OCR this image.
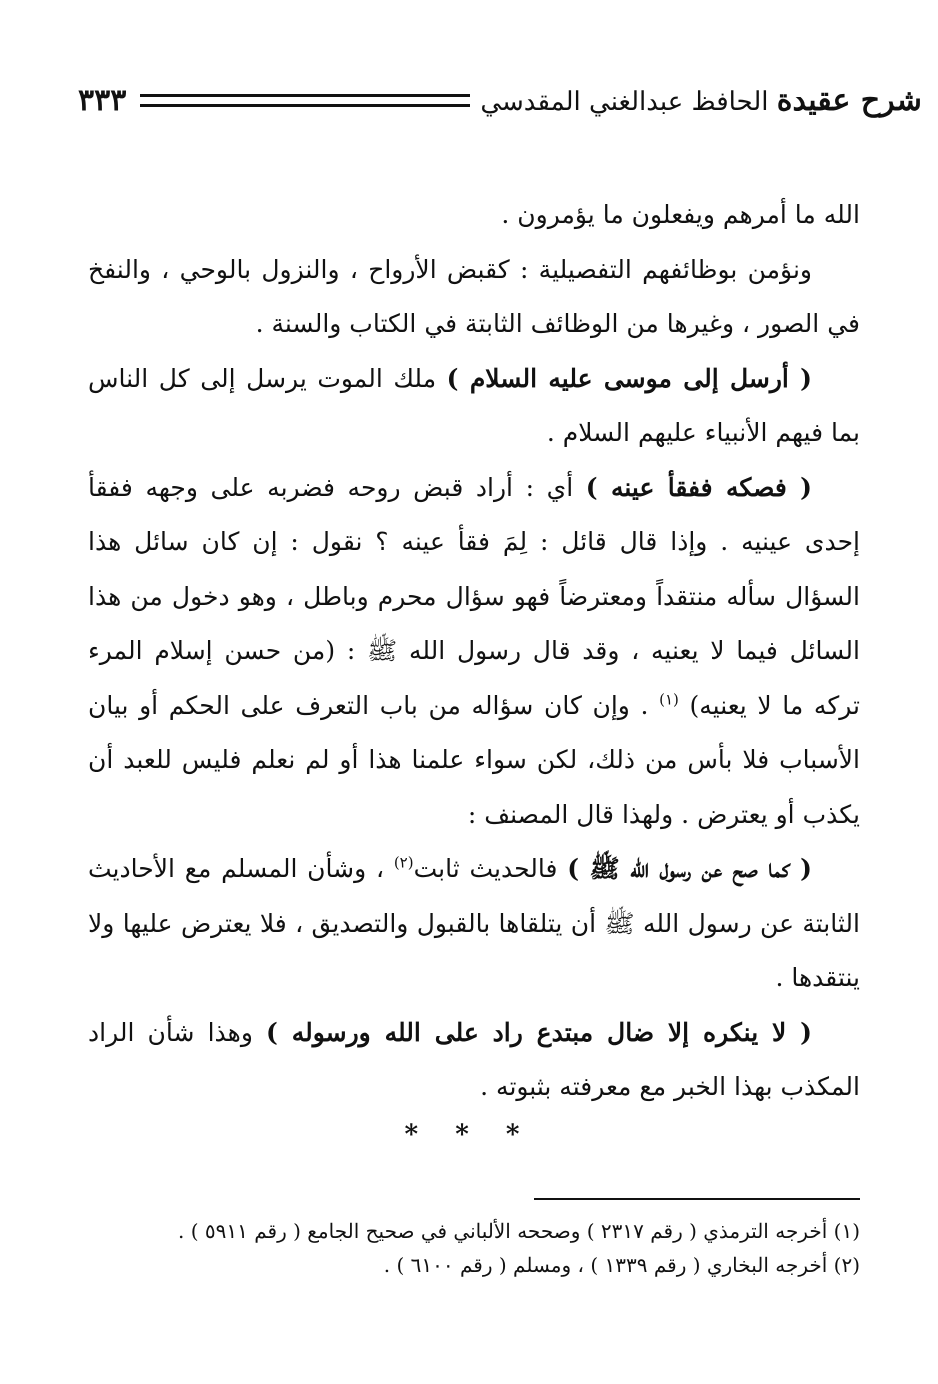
٣٣٣	شرح عقيدة الحافظ عبدالغني المقدسي

الله ما أمرهم ويفعلون ما يؤمرون .

ونؤمن بوظائفهم التفصيلية : كقبض الأرواح ، والنزول بالوحي ، والنفخ في الصور ، وغيرها من الوظائف الثابتة في الكتاب والسنة .

( أرسل إلى موسى عليه السلام ) ملك الموت يرسل إلى كل الناس بما فيهم الأنبياء عليهم السلام .

( فصكه ففقأ عينه ) أي : أراد قبض روحه فضربه على وجهه ففقأ إحدى عينيه . وإذا قال قائل : لِمَ فقأ عينه ؟ نقول : إن كان سائل هذا السؤال سأله منتقداً ومعترضاً فهو سؤال محرم وباطل ، وهو دخول من هذا السائل فيما لا يعنيه ، وقد قال رسول الله ﷺ : (من حسن إسلام المرء تركه ما لا يعنيه) $^{(١)}$ . وإن كان سؤاله من باب التعرف على الحكم أو بيان الأسباب فلا بأس من ذلك، لكن سواء علمنا هذا أو لم نعلم فليس للعبد أن يكذب أو يعترض . ولهذا قال المصنف :

( كما صح عن رسول الله ﷺ ) فالحديث ثابت$^{(٢)}$ ، وشأن المسلم مع الأحاديث الثابتة عن رسول الله ﷺ أن يتلقاها بالقبول والتصديق ، فلا يعترض عليها ولا ينتقدها .

( لا ينكره إلا ضال مبتدع راد على الله ورسوله ) وهذا شأن الراد المكذب بهذا الخبر مع معرفته بثبوته .

* * *

(١) أخرجه الترمذي ( رقم ٢٣١٧ ) وصححه الألباني في صحيح الجامع ( رقم ٥٩١١ ) .

(٢) أخرجه البخاري ( رقم ١٣٣٩ ) ، ومسلم ( رقم ٦١٠٠ ) .
